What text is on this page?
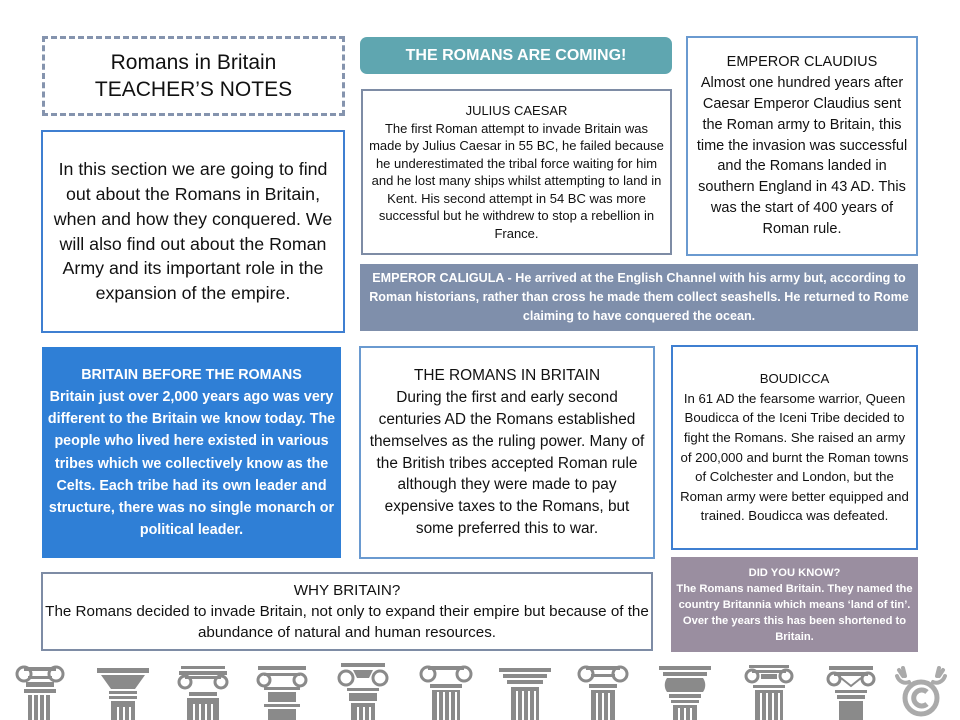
Romans in Britain

TEACHER’S NOTES

THE ROMANS ARE COMING!

JULIUS CAESAR

The first Roman attempt to invade Britain was made by Julius Caesar in 55 BC, he failed because he underestimated the tribal force waiting for him and he lost many ships whilst attempting to land in Kent. His second attempt in 54 BC was more successful but he withdrew to stop a rebellion in France.

EMPEROR CLAUDIUS

Almost one hundred years after Caesar Emperor Claudius sent the Roman army to Britain, this time the invasion was successful and the Romans landed in southern England in 43 AD. This was the start of 400 years of Roman rule.

EMPEROR CALIGULA - He arrived at the English Channel with his army but, according to Roman historians, rather than cross he made them collect seashells. He returned to Rome claiming to have conquered the ocean.

In this section we are going to find out about the Romans in Britain, when and how they conquered. We will also find out about the Roman Army and its important role in the expansion of the empire.

BRITAIN BEFORE THE ROMANS

Britain just over 2,000 years ago was very different to the Britain we know today. The people who lived here existed in various tribes which we collectively know as the Celts. Each tribe had its own leader and structure, there was no single monarch or political leader.

THE ROMANS IN BRITAIN

During the first and early second centuries AD the Romans established themselves as the ruling power. Many of the British tribes accepted Roman rule although they were made to pay expensive taxes to the Romans, but some preferred this to war.

BOUDICCA

In 61 AD the fearsome warrior, Queen Boudicca of the Iceni Tribe decided to fight the Romans. She raised an army of 200,000 and burnt the Roman towns of Colchester and London, but the Roman army were better equipped and trained. Boudicca was defeated.

DID YOU KNOW?

The Romans named Britain. They named the country Britannia which means ‘land of tin’. Over the years this has been shortened to Britain.

WHY BRITAIN?

The Romans decided to invade Britain, not only to expand their empire but because of the abundance of natural and human resources.
